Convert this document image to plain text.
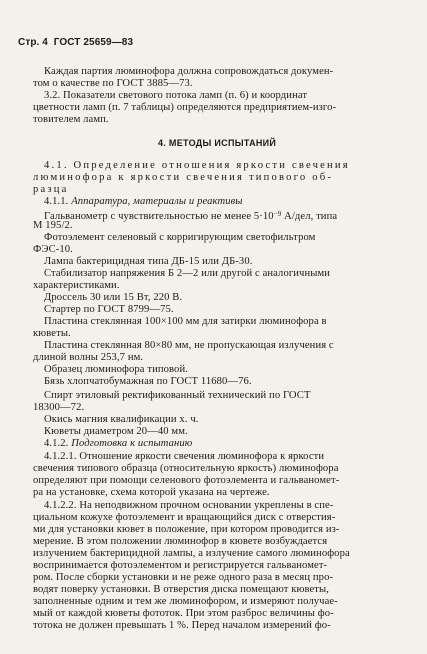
Стр. 4 ГОСТ 25659—83
Каждая партия люминофора должна сопровождаться докумен-
том о качестве по ГОСТ 3885—73.
3.2. Показатели светового потока ламп (п. 6) и координат
цветности ламп (п. 7 таблицы) определяются предприятием-изго-
товителем ламп.
4. МЕТОДЫ ИСПЫТАНИЙ
4.1. Определение отношения яркости свечения
люминофора к яркости свечения типового об-
разца
4.1.1. Аппаратура, материалы и реактивы
Гальванометр с чувствительностью не менее $5\cdot 10^{-9}$ А/дел, типа
М 195/2.
Фотоэлемент селеновый с корригирующим светофильтром
ФЭС-10.
Лампа бактерицидная типа ДБ-15 или ДБ-30.
Стабилизатор напряжения Б 2—2 или другой с аналогичными
характеристиками.
Дроссель 30 или 15 Вт, 220 В.
Стартер по ГОСТ 8799—75.
Пластина стеклянная 100×100 мм для затирки люминофора в
кюветы.
Пластина стеклянная 80×80 мм, не пропускающая излучения с
длиной волны 253,7 нм.
Образец люминофора типовой.
Бязь хлопчатобумажная по ГОСТ 11680—76.
Спирт этиловый ректификованный технический по ГОСТ
18300—72.
Окись магния квалификации х. ч.
Кюветы диаметром 20—40 мм.
4.1.2. Подготовка к испытанию
4.1.2.1. Отношение яркости свечения люминофора к яркости
свечения типового образца (относительную яркость) люминофора
определяют при помощи селенового фотоэлемента и гальваномет-
ра на установке, схема которой указана на чертеже.
4.1.2.2. На неподвижном прочном основании укреплены в спе-
циальном кожухе фотоэлемент и вращающийся диск с отверстия-
ми для установки кювет в положение, при котором проводится из-
мерение. В этом положении люминофор в кювете возбуждается
излучением бактерицидной лампы, а излучение самого люминофора
воспринимается фотоэлементом и регистрируется гальваномет-
ром. После сборки установки и не реже одного раза в месяц про-
водят поверку установки. В отверстия диска помещают кюветы,
заполненные одним и тем же люминофором, и измеряют получае-
мый от каждой кюветы фототок. При этом разброс величины фо-
тотока не должен превышать 1 %. Перед началом измерений фо-
